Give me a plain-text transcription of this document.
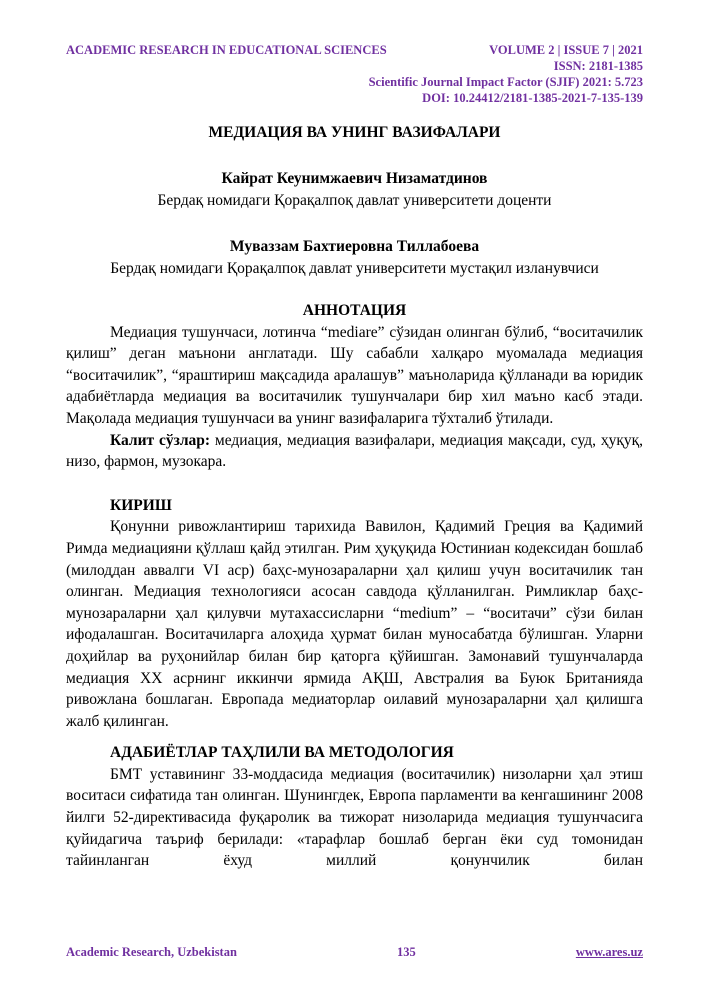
ACADEMIC RESEARCH IN EDUCATIONAL SCIENCES	VOLUME 2 | ISSUE 7 | 2021
ISSN: 2181-1385
Scientific Journal Impact Factor (SJIF) 2021: 5.723
DOI: 10.24412/2181-1385-2021-7-135-139
МЕДИАЦИЯ ВА УНИНГ ВАЗИФАЛАРИ
Кайрат Кеунимжаевич Низаматдинов
Бердақ номидаги Қорақалпоқ давлат университети доценти
Муваззам Бахтиеровна Тиллабоева
Бердақ номидаги Қорақалпоқ давлат университети мустақил изланувчиси
АННОТАЦИЯ

Медиация тушунчаси, лотинча “mediare” сўзидан олинган бўлиб, “воситачилик қилиш” деган маънони англатади. Шу сабабли халқаро муомалада медиация “воситачилик”, “яраштириш мақсадида аралашув” маъноларида қўлланади ва юридик адабиётларда медиация ва воситачилик тушунчалари бир хил маъно касб этади. Мақолада медиация тушунчаси ва унинг вазифаларига тўхталиб ўтилади.

Калит сўзлар: медиация, медиация вазифалари, медиация мақсади, суд, ҳуқуқ, низо, фармон, музокара.

КИРИШ

Қонунни ривожлантириш тарихида Вавилон, Қадимий Греция ва Қадимий Римда медиацияни қўллаш қайд этилган. Рим ҳуқуқида Юстиниан кодексидан бошлаб (милоддан аввалги VI аср) баҳс-мунозараларни ҳал қилиш учун воситачилик тан олинган. Медиация технологияси асосан савдода қўлланилган. Римликлар баҳс-мунозараларни ҳал қилувчи мутахассисларни “medium” – “воситачи” сўзи билан ифодалашган. Воситачиларга алоҳида ҳурмат билан муносабатда бўлишган. Уларни доҳийлар ва руҳонийлар билан бир қаторга қўйишган. Замонавий тушунчаларда медиация ХХ асрнинг иккинчи ярмида АҚШ, Австралия ва Буюк Британияда ривожлана бошлаган. Европада медиаторлар оилавий мунозараларни ҳал қилишга жалб қилинган.

АДАБИЁТЛАР ТАҲЛИЛИ ВА МЕТОДОЛОГИЯ

БМТ уставининг 33-моддасида медиация (воситачилик) низоларни ҳал этиш воситаси сифатида тан олинган. Шунингдек, Европа парламенти ва кенгашининг 2008 йилги 52-директивасида фуқаролик ва тижорат низоларида медиация тушунчасига қуйидагича таъриф берилади: «тарафлар бошлаб берган ёки суд томонидан тайинланган ёхуд миллий қонунчилик билан

Academic Research, Uzbekistan	135	www.ares.uz
